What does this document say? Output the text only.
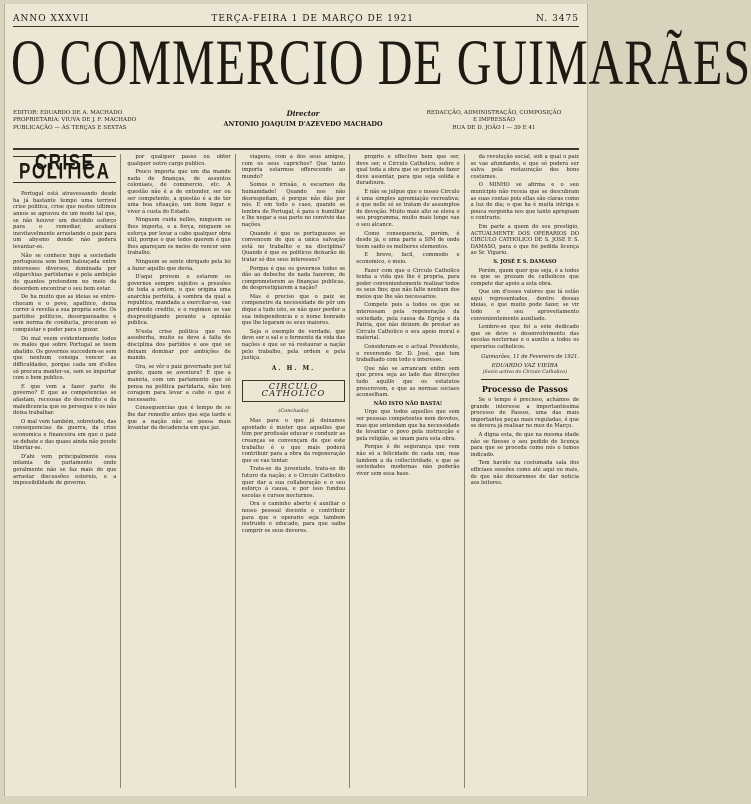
ANNO XXXVII	TERÇA-FEIRA 1 DE MARÇO DE 1921	N. 3475
O COMMERCIO DE GUIMARÃES
EDITOR: EDUARDO DE A. MACHADO
PROPRIETARIA: VIUVA DE J. F. MACHADO
PUBLICAÇÃO — ÁS TERÇAS E SEXTAS
Director
ANTONIO JOAQUIM D'AZEVEDO MACHADO
REDACÇÃO, ADMINISTRAÇÃO, COMPOSIÇÃO
E IMPRESSÃO
RUA DE D. JOÃO I — 39 E 41
CRISE POLITICA

Portugal está atravessando desde ha já bastante tempo uma terrivel crise politica, crise que nestes ultimos annos se agravou de um modo tal que, se não houver um decidido esforço para o remediar, acabará inevitavelmente arrastando o paiz para um abysmo donde não poderá levantar-se.

Não se conhece hoje a sociedade portugueza sem bem balouçada entre interesses diversos, dominada por oligarchias partidarias e pela ambição de quantos pretendem no meio da desordem encontrar o seu bem estar.

De ha muito que as ideias se entre-chocam e o povo, apathico, deixa correr á revelia a sua propria sorte. Os partidos politicos, desorganisados e sem norma de conducta, procuram só conquistar o poder para o gozar.

Do mal veem evidentemente todos os males que sobre Portugal se teem abatido. Os governos succedem-se sem que nenhum consiga vencer as difficuldades, porque cada um d'elles só procura manter-se, sem se importar com o bem publico.

E que vem a fazer parte de governo? E que as competencias se afastam, receosas do descredito e da maledicencia que os persegue e os não deixa trabalhar.

O mal vem também, sobretudo, das consequencias da guerra, da crise economica e financeira em que o paiz se debate e das quaes ainda não poude libertar-se.

D'ahi vem principalmente essa infamia de parlamento onde geralmente não se faz mais do que arrastar discussões estereis, e a impossibilidade de governo.

por qualquer passo ou obter qualquer outro cargo publico.

Pouco importa que um dia mande nada de finanças, de assuntos coloniaes, de commercio, etc. A questão não é a de entender, ser ou ser competente, a questão é a de ter uma boa situação, um bom logar e viver á custa do Estado.

Ninguem cuida nellos, ninguem se lhes importa, e a força, ninguem se esforça por levar a cabo qualquer obra util, porque o que todos querem é que lhes apareçam os meios de vencer sem trabalho.

Ninguem se sente obrigado pela lei a fazer aquillo que devia.

D'aqui provem o estarem os governos sempre sujeitos a pressões de toda a ordem, o que origina uma anarchia perfeita, á sombra da qual a republica, mandada a exercitar-se, vae perdendo credito, e o regimen se vae desprestigiando perante a opinião publica.

N'esta crise politica que nos assoberba, muito se deve á falta de disciplina dos partidos e aos que se deixam dominar por ambições de mando.

Ora, se vêr o paiz governado por tal gente, quem se aventura? E que a maioria, com um parlamento que só pensa na politica partidaria, não tem coragem para levar a cabo o que é necessario.

Consequencias que é tempo de se lhe dar remedio antes que seja tarde e que a nação não se possa mais levantar da decadencia em que jaz.

viagens, com a dos seus amigos, com os seus caprichos? Que tanto importa estarmos offerecendo ao mundo?

Somos o irrisão, o escarneo da humanidade! Quando nos não desrespeitam, é porque não dão por nós. E em todo o caso, quando se lembra de Portugal, é para o humilhar e lhe negar a sua parte no convivio das nações.

Quando é que os portuguezes se convencem de que a unica salvação está no trabalho e na disciplina? Quando é que os politicos deixarão de tratar só dos seus interesses?

Porque é que os governos todos se dão ao deboche de nada fazerem, de comprometerem as finanças publicas, de desprestigiarem a nação?

Mas é preciso que o paiz se compenetre da necessidade de pôr um dique a tudo isto, se não quer perder a sua independencia e o nome honrado que lhe legaram os seus maiores.

Seja o exemplo de verdade, que deve ser o sal e o fermento da vida das nações e que se vá restaurar a nação pelo trabalho, pela ordem e pela justiça.

A. H. M.
CIRCULO CATHOLICO
(Conclusão)

Mas para o que já deixamos apontado é mister que aquelles que têm por profissão educar e conduzir as creanças se convençam de que este trabalho é o que mais poderá contribuir para a obra da regeneração que se vae tentar.

Trata-se da juventude, trata-se do futuro da nação; e o Circulo Catholico quer dar a sua collaboração e o seu esforço á causa, e por isso fundou escolas e cursos nocturnos.

Ora o caminho aberto é auxiliar o nosso pessoal docente e contribuir para que o operario seja tambem instruido e educado, para que saiba cumprir os seus deveres.

proprio e effectivo bem que ser, deve ser, o Circulo Catholico, sobre o qual toda a obra que se pretende fazer deve assentar, para que seja solida e duradoura.

E não se julgue que o nosso Circulo é uma simples agremiação recreativa; e que nelle só se tratam de assumptos de devoção. Muito mais alto se eleva o seu programma, muito mais longe vae o seu alcance.

Como consequencia, porém, é desde já, e uma parte a SIM de onde teem saido os melhores elementos.

E breve, facil, commodo e economico, o meio.

Fazer com que o Circulo Catholico tenha a vida que lhe é propria, para poder convenientemente realizar todos os seus fins; que não falte nenhum dos meios que lhe são necessarios.

Compete pois a todos os que se interessam pela regeneração da sociedade, pela causa da Egreja e da Patria, que não deixem de prestar ao Circulo Catholico o seu apoio moral e material.

Consideram-se o actual Presidente, o reverendo Sr. D. José, que tem trabalhado com todo o interesse.

Que não se arrancam enfim sem que prova seja ao lado das direcções tudo aquillo que os estatutos prescrevem, e que as normas sociaes aconselham.

NÃO ISTO NÃO BASTA!

Urge que todos aquelles que sem ser pessoas competentes nem devotos, mas que entendam que ha necessidade de levantar o povo pela instrucção e pela religião, se unam para esta obra.

Porque é de segurança que vem não só a felicidade de cada um, mas tambem a da collectividade, e que as sociedades modernas não poderão viver sem essa base.

da revolução social, sob a qual o paiz se vae afundando, e que só poderá ser salva pela restauração dos bons costumes.

O MINHO se afirma e o seu municipio não receia que se descubram as suas contas pois ellas são claras como a luz do dia; o que ha é muita intriga e pouca vergonha nos que tanto apregoam o contrario.

Em parte a quem do seu prestigio, ACTUALMENTE DOS OPERARIOS DO CIRCULO CATHOLICO DE S. JOSÉ E S. DAMASO, para o que foi pedida licença ao Sr. Vigario.

S. JOSÉ E S. DAMASO

Porém, quem quer que seja, é a todos os que se prezam de catholicos que compete dar apoio a esta obra.

Que um d'esses valores que lá estão aqui representados, dentro dessas ideias, e que muito pode fazer, se vir todo o seu aproveitamento convenientemente auxiliado.

Lembre-se que foi a este dedicado que se deve o desenvolvimento das escolas nocturnas e o auxilio a todos os operarios catholicos.

Guimarães, 11 de Fevereiro de 1921.
EDUARDO VAZ VIEIRA
(Socio activo do Circulo Catholico)
Processo de Passos

Se o tempo é precioso, achámos de grande interesse a importantissima processo de Passos, uma das mais importantes peças mais reguladas, é que se devera já realisar no mez de Março.

A digna esta, de que na mesma idade não se fizesse o seu pedido de licença para que se proceda como nós o temos indicado.

Tem havido na costumada sala dos officiaes sessões como até aqui ou mais, de que não deixaremos de dar noticia aos leitores.
